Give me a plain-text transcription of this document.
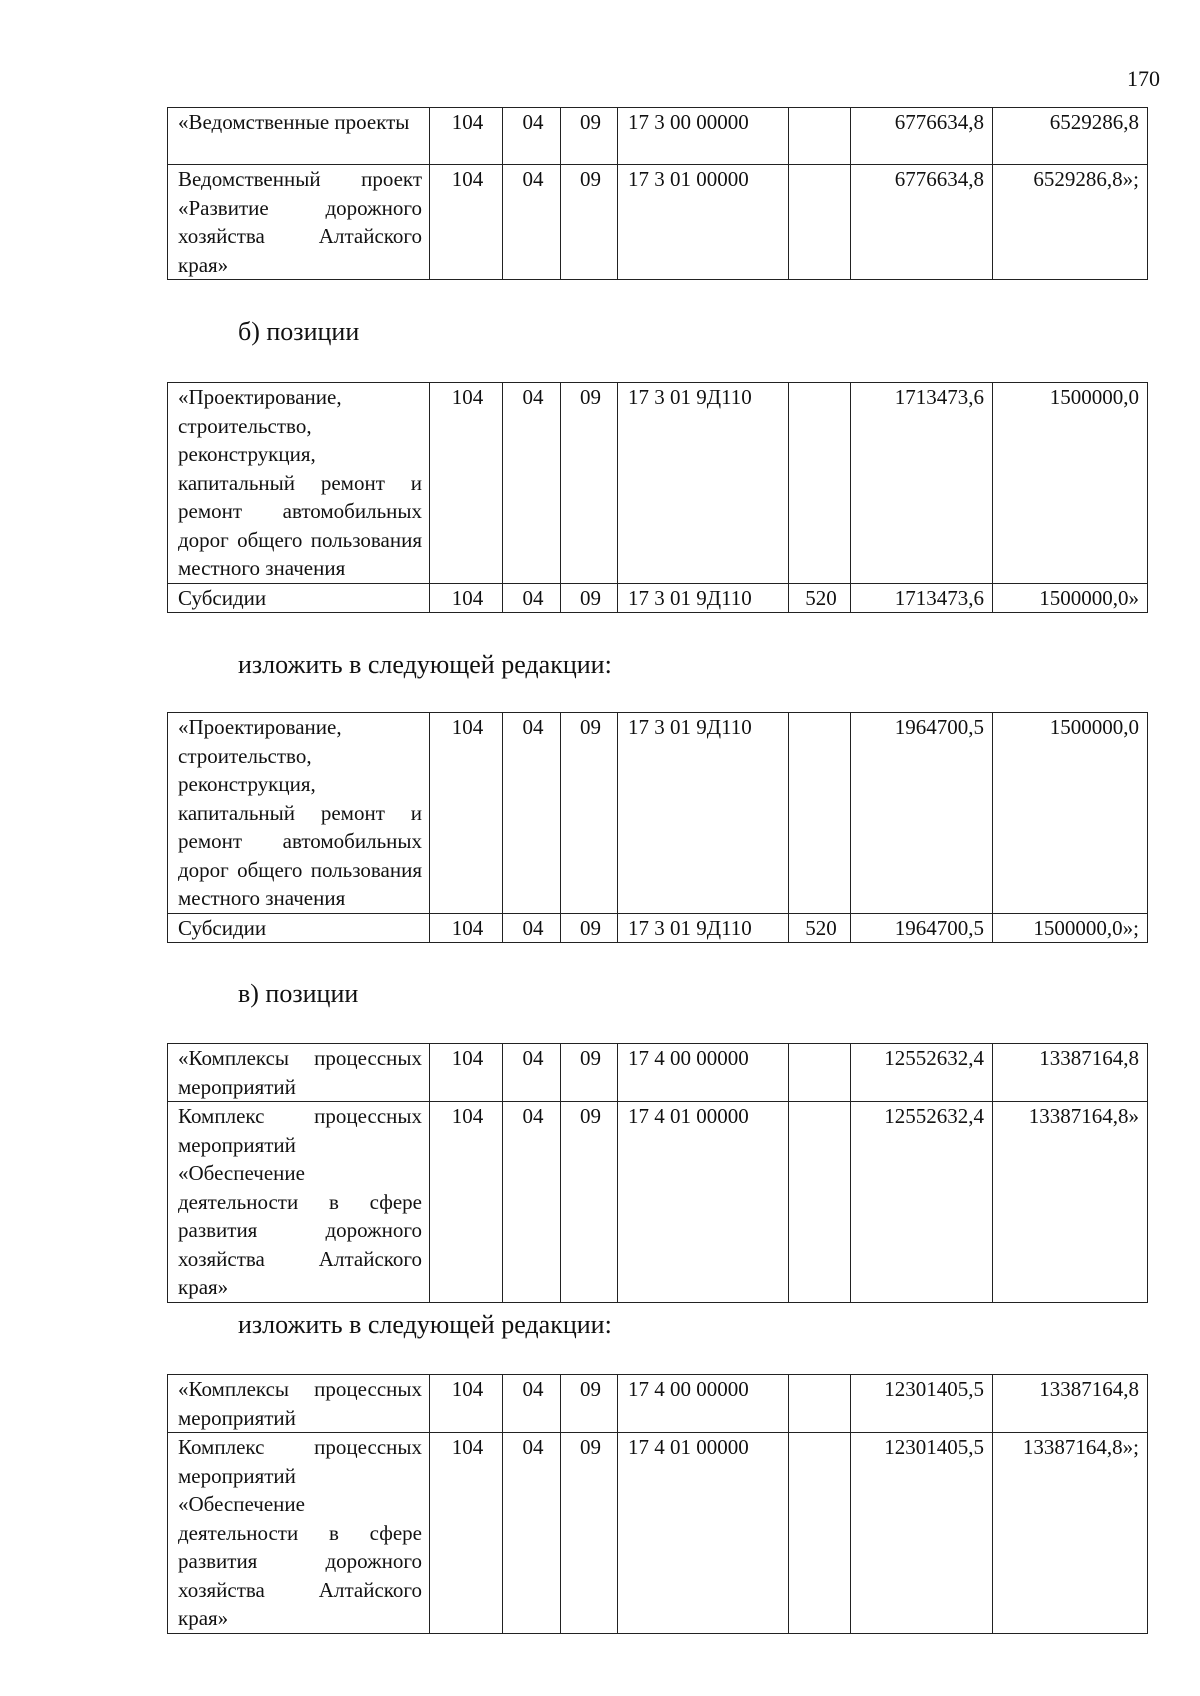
170
«Ведомственные проекты	104	04	09	17 3 00 00000		6776634,8	6529286,8
Ведомственный проект «Развитие дорожного хозяйства Алтайского края»	104	04	09	17 3 01 00000		6776634,8	6529286,8»;
б) позиции
«Проектирование, строительство, реконструкция, капитальный ремонт и ремонт автомобильных дорог общего пользования местного значения	104	04	09	17 3 01 9Д110		1713473,6	1500000,0
Субсидии	104	04	09	17 3 01 9Д110	520	1713473,6	1500000,0»
изложить в следующей редакции:
«Проектирование, строительство, реконструкция, капитальный ремонт и ремонт автомобильных дорог общего пользования местного значения	104	04	09	17 3 01 9Д110		1964700,5	1500000,0
Субсидии	104	04	09	17 3 01 9Д110	520	1964700,5	1500000,0»;
в) позиции
«Комплексы процессных мероприятий	104	04	09	17 4 00 00000		12552632,4	13387164,8
Комплекс процессных мероприятий «Обеспечение деятельности в сфере развития дорожного хозяйства Алтайского края»	104	04	09	17 4 01 00000		12552632,4	13387164,8»
изложить в следующей редакции:
«Комплексы процессных мероприятий	104	04	09	17 4 00 00000		12301405,5	13387164,8
Комплекс процессных мероприятий «Обеспечение деятельности в сфере развития дорожного хозяйства Алтайского края»	104	04	09	17 4 01 00000		12301405,5	13387164,8»;
